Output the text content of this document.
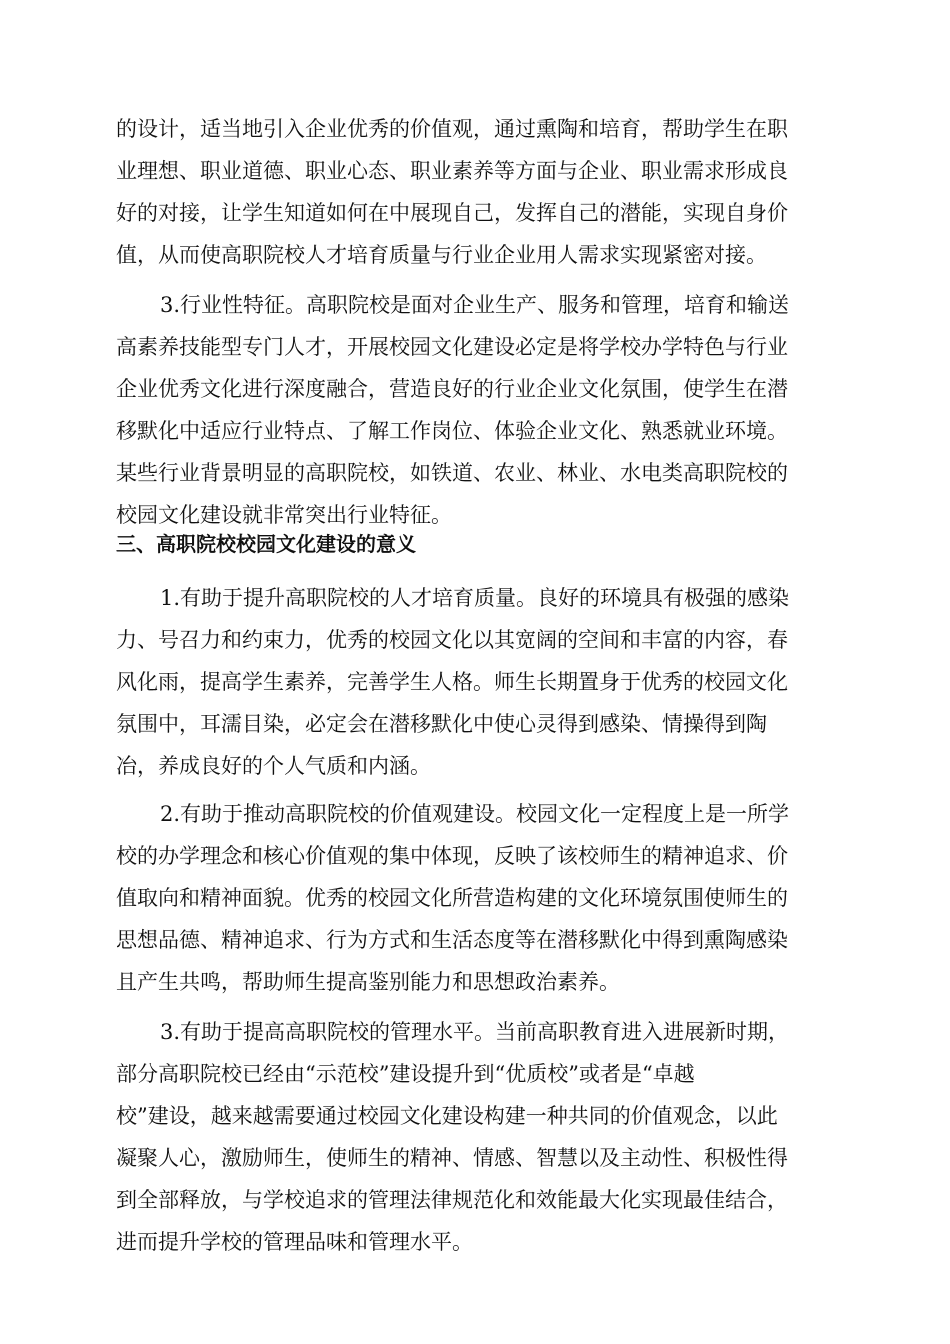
的设计，适当地引入企业优秀的价值观，通过熏陶和培育，帮助学生在职
业理想、职业道德、职业心态、职业素养等方面与企业、职业需求形成良
好的对接，让学生知道如何在中展现自己，发挥自己的潜能，实现自身价
值，从而使高职院校人才培育质量与行业企业用人需求实现紧密对接。
3.行业性特征。高职院校是面对企业生产、服务和管理，培育和输送
高素养技能型专门人才，开展校园文化建设必定是将学校办学特色与行业
企业优秀文化进行深度融合，营造良好的行业企业文化氛围，使学生在潜
移默化中适应行业特点、了解工作岗位、体验企业文化、熟悉就业环境。
某些行业背景明显的高职院校，如铁道、农业、林业、水电类高职院校的
校园文化建设就非常突出行业特征。
三、高职院校校园文化建设的意义
1.有助于提升高职院校的人才培育质量。良好的环境具有极强的感染
力、号召力和约束力，优秀的校园文化以其宽阔的空间和丰富的内容，春
风化雨，提高学生素养，完善学生人格。师生长期置身于优秀的校园文化
氛围中，耳濡目染，必定会在潜移默化中使心灵得到感染、情操得到陶
冶，养成良好的个人气质和内涵。
2.有助于推动高职院校的价值观建设。校园文化一定程度上是一所学
校的办学理念和核心价值观的集中体现，反映了该校师生的精神追求、价
值取向和精神面貌。优秀的校园文化所营造构建的文化环境氛围使师生的
思想品德、精神追求、行为方式和生活态度等在潜移默化中得到熏陶感染
且产生共鸣，帮助师生提高鉴别能力和思想政治素养。
3.有助于提高高职院校的管理水平。当前高职教育进入进展新时期，
部分高职院校已经由“示范校”建设提升到“优质校”或者是“卓越
校”建设，越来越需要通过校园文化建设构建一种共同的价值观念，以此
凝聚人心，激励师生，使师生的精神、情感、智慧以及主动性、积极性得
到全部释放，与学校追求的管理法律规范化和效能最大化实现最佳结合，
进而提升学校的管理品味和管理水平。
